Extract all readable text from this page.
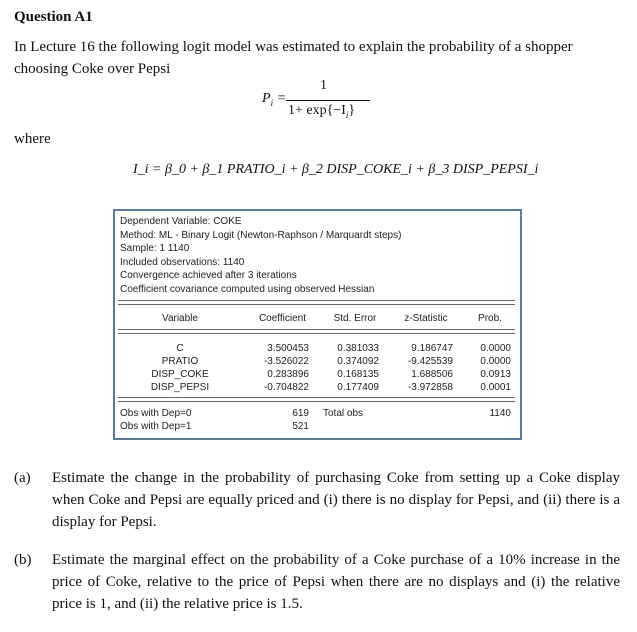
Question A1
In Lecture 16 the following logit model was estimated to explain the probability of a shopper choosing Coke over Pepsi
$P_i$ =
1
$1+ \exp\{-I_i\}$
where
I_i = β_0 + β_1 PRATIO_i + β_2 DISP_COKE_i + β_3 DISP_PEPSI_i
Dependent Variable: COKE
Method: ML - Binary Logit (Newton-Raphson / Marquardt steps)
Sample: 1 1140
Included observations: 1140
Convergence achieved after 3 iterations
Coefficient covariance computed using observed Hessian
Variable	Coefficient	Std. Error	z-Statistic	Prob.
C	3.500453	0.381033	9.186747	0.0000
PRATIO	-3.526022	0.374092	-9.425539	0.0000
DISP_COKE	0.283896	0.168135	1.688506	0.0913
DISP_PEPSI	-0.704822	0.177409	-3.972858	0.0001
Obs with Dep=0	619 Total obs	1140
Obs with Dep=1	521
(a) Estimate the change in the probability of purchasing Coke from setting up a Coke display when Coke and Pepsi are equally priced and (i) there is no display for Pepsi, and (ii) there is a display for Pepsi.
(b) Estimate the marginal effect on the probability of a Coke purchase of a 10% increase in the price of Coke, relative to the price of Pepsi when there are no displays and (i) the relative price is 1, and (ii) the relative price is 1.5.
